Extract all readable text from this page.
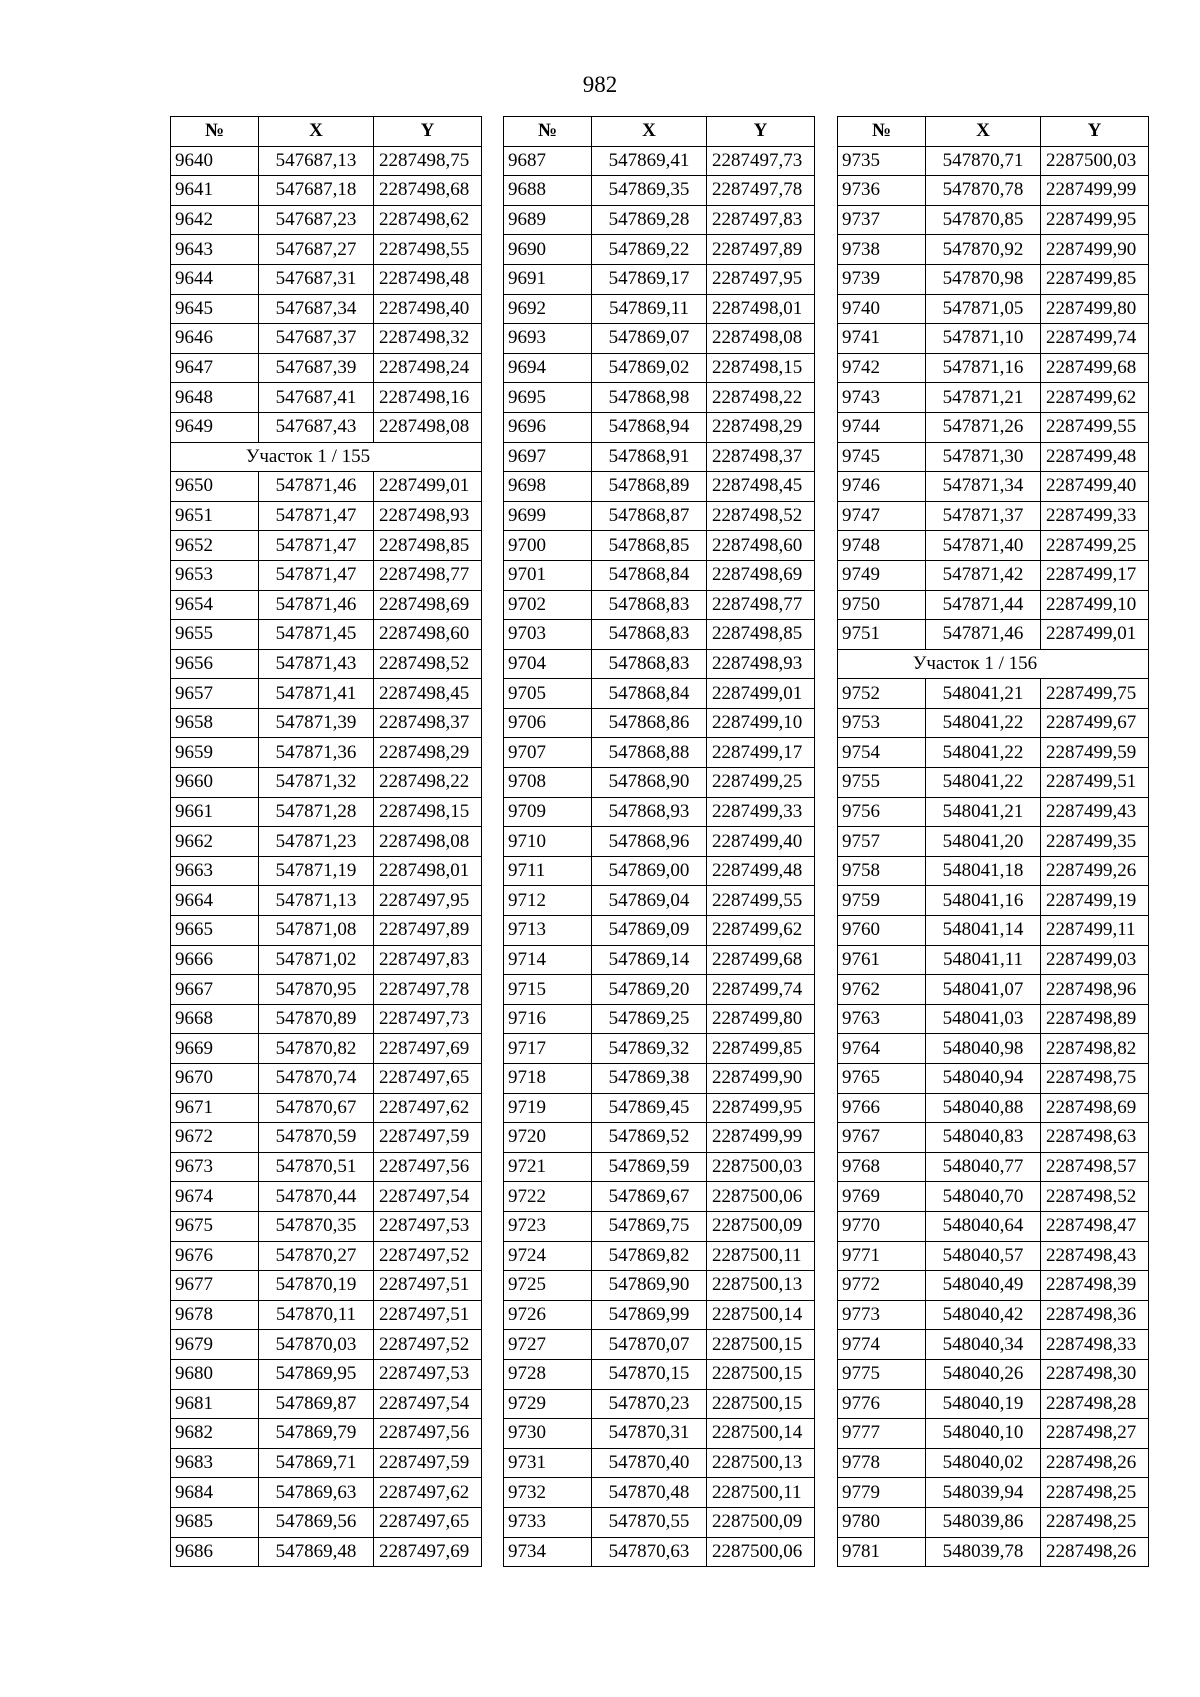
982
№	X	Y
9640	547687,13	2287498,75
9641	547687,18	2287498,68
9642	547687,23	2287498,62
9643	547687,27	2287498,55
9644	547687,31	2287498,48
9645	547687,34	2287498,40
9646	547687,37	2287498,32
9647	547687,39	2287498,24
9648	547687,41	2287498,16
9649	547687,43	2287498,08
Участок 1 / 155		
9650	547871,46	2287499,01
9651	547871,47	2287498,93
9652	547871,47	2287498,85
9653	547871,47	2287498,77
9654	547871,46	2287498,69
9655	547871,45	2287498,60
9656	547871,43	2287498,52
9657	547871,41	2287498,45
9658	547871,39	2287498,37
9659	547871,36	2287498,29
9660	547871,32	2287498,22
9661	547871,28	2287498,15
9662	547871,23	2287498,08
9663	547871,19	2287498,01
9664	547871,13	2287497,95
9665	547871,08	2287497,89
9666	547871,02	2287497,83
9667	547870,95	2287497,78
9668	547870,89	2287497,73
9669	547870,82	2287497,69
9670	547870,74	2287497,65
9671	547870,67	2287497,62
9672	547870,59	2287497,59
9673	547870,51	2287497,56
9674	547870,44	2287497,54
9675	547870,35	2287497,53
9676	547870,27	2287497,52
9677	547870,19	2287497,51
9678	547870,11	2287497,51
9679	547870,03	2287497,52
9680	547869,95	2287497,53
9681	547869,87	2287497,54
9682	547869,79	2287497,56
9683	547869,71	2287497,59
9684	547869,63	2287497,62
9685	547869,56	2287497,65
9686	547869,48	2287497,69
№	X	Y
9687	547869,41	2287497,73
9688	547869,35	2287497,78
9689	547869,28	2287497,83
9690	547869,22	2287497,89
9691	547869,17	2287497,95
9692	547869,11	2287498,01
9693	547869,07	2287498,08
9694	547869,02	2287498,15
9695	547868,98	2287498,22
9696	547868,94	2287498,29
9697	547868,91	2287498,37
9698	547868,89	2287498,45
9699	547868,87	2287498,52
9700	547868,85	2287498,60
9701	547868,84	2287498,69
9702	547868,83	2287498,77
9703	547868,83	2287498,85
9704	547868,83	2287498,93
9705	547868,84	2287499,01
9706	547868,86	2287499,10
9707	547868,88	2287499,17
9708	547868,90	2287499,25
9709	547868,93	2287499,33
9710	547868,96	2287499,40
9711	547869,00	2287499,48
9712	547869,04	2287499,55
9713	547869,09	2287499,62
9714	547869,14	2287499,68
9715	547869,20	2287499,74
9716	547869,25	2287499,80
9717	547869,32	2287499,85
9718	547869,38	2287499,90
9719	547869,45	2287499,95
9720	547869,52	2287499,99
9721	547869,59	2287500,03
9722	547869,67	2287500,06
9723	547869,75	2287500,09
9724	547869,82	2287500,11
9725	547869,90	2287500,13
9726	547869,99	2287500,14
9727	547870,07	2287500,15
9728	547870,15	2287500,15
9729	547870,23	2287500,15
9730	547870,31	2287500,14
9731	547870,40	2287500,13
9732	547870,48	2287500,11
9733	547870,55	2287500,09
9734	547870,63	2287500,06
№	X	Y
9735	547870,71	2287500,03
9736	547870,78	2287499,99
9737	547870,85	2287499,95
9738	547870,92	2287499,90
9739	547870,98	2287499,85
9740	547871,05	2287499,80
9741	547871,10	2287499,74
9742	547871,16	2287499,68
9743	547871,21	2287499,62
9744	547871,26	2287499,55
9745	547871,30	2287499,48
9746	547871,34	2287499,40
9747	547871,37	2287499,33
9748	547871,40	2287499,25
9749	547871,42	2287499,17
9750	547871,44	2287499,10
9751	547871,46	2287499,01
Участок 1 / 156		
9752	548041,21	2287499,75
9753	548041,22	2287499,67
9754	548041,22	2287499,59
9755	548041,22	2287499,51
9756	548041,21	2287499,43
9757	548041,20	2287499,35
9758	548041,18	2287499,26
9759	548041,16	2287499,19
9760	548041,14	2287499,11
9761	548041,11	2287499,03
9762	548041,07	2287498,96
9763	548041,03	2287498,89
9764	548040,98	2287498,82
9765	548040,94	2287498,75
9766	548040,88	2287498,69
9767	548040,83	2287498,63
9768	548040,77	2287498,57
9769	548040,70	2287498,52
9770	548040,64	2287498,47
9771	548040,57	2287498,43
9772	548040,49	2287498,39
9773	548040,42	2287498,36
9774	548040,34	2287498,33
9775	548040,26	2287498,30
9776	548040,19	2287498,28
9777	548040,10	2287498,27
9778	548040,02	2287498,26
9779	548039,94	2287498,25
9780	548039,86	2287498,25
9781	548039,78	2287498,26
